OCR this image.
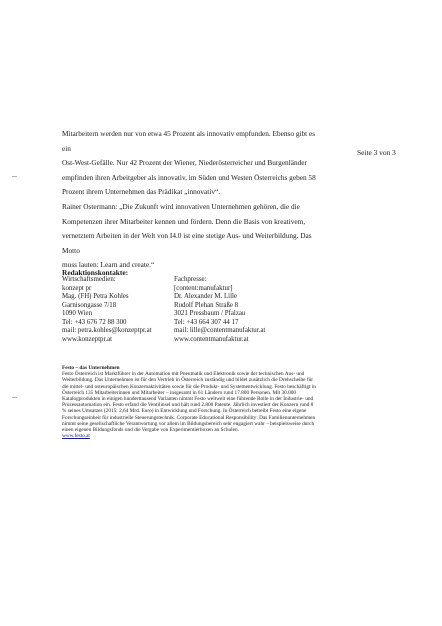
Seite 3 von 3

Mitarbeitern werden nur von etwa 45 Prozent als innovativ empfunden. Ebenso gibt es ein
Ost-West-Gefälle. Nur 42 Prozent der Wiener, Niederösterreicher und Burgenländer
empfinden ihren Arbeitgeber als innovativ, im Süden und Westen Österreichs geben 58
Prozent ihrem Unternehmen das Prädikat „innovativ“.

Rainer Ostermann: „Die Zukunft wird innovativen Unternehmen gehören, die die
Kompetenzen ihrer Mitarbeiter kennen und fördern. Denn die Basis von kreativem,
vernetztem Arbeiten in der Welt von I4.0 ist eine stetige Aus- und Weiterbildung. Das Motto
muss lauten: Learn and create.“

Redaktionskontakte:
Wirtschaftsmedien:
konzept pr
Mag. (FH) Petra Kohles
Garnisongasse 7/18
1090 Wien
Tel: +43 676 72 88 300
mail: petra.kohles@konzeptpr.at
www.konzeptpr.at
Fachpresse:
[content:manufaktur]
Dr. Alexander M. Lille
Rudolf Plehan Straße 8
3021 Pressbaum / Pfalzau
Tel: +43 664 307 44 17
mail: lille@contentmanufaktur.at
www.contentmanufaktur.at
Festo – das Unternehmen

Festo Österreich ist Marktführer in der Automation mit Pneumatik und Elektronik sowie der technischen Aus- und
Weiterbildung. Das Unternehmen ist für den Vertrieb in Österreich zuständig und bildet zusätzlich die Drehscheibe für
die mittel- und osteuropäischen Konzernaktivitäten sowie für die Produkt- und Systementwicklung. Festo beschäftigt in
Österreich 135 Mitarbeiterinnen und Mitarbeiter – insgesamt in 61 Ländern rund 17.800 Personen. Mit 30.000
Katalogprodukten in einigen hunderttausend Varianten nimmt Festo weltweit eine führende Rolle in der Industrie- und
Prozessautomation ein. Festo erfand die Ventilinsel und hält rund 2.800 Patente. Jährlich investiert der Konzern rund 8
% seines Umsatzes (2015: 2,64 Mrd. Euro) in Entwicklung und Forschung. In Österreich betreibt Festo eine eigene
Forschungseinheit für industrielle Steuerungstechnik. Corporate Educational Responsibility: Das Familienunternehmen
nimmt seine gesellschaftliche Verantwortung vor allem im Bildungsbereich sehr engagiert wahr – beispielsweise durch
einen eigenen Bildungsfonds und die Vergabe von Experimentierboxen an Schulen.

www.festo.at
